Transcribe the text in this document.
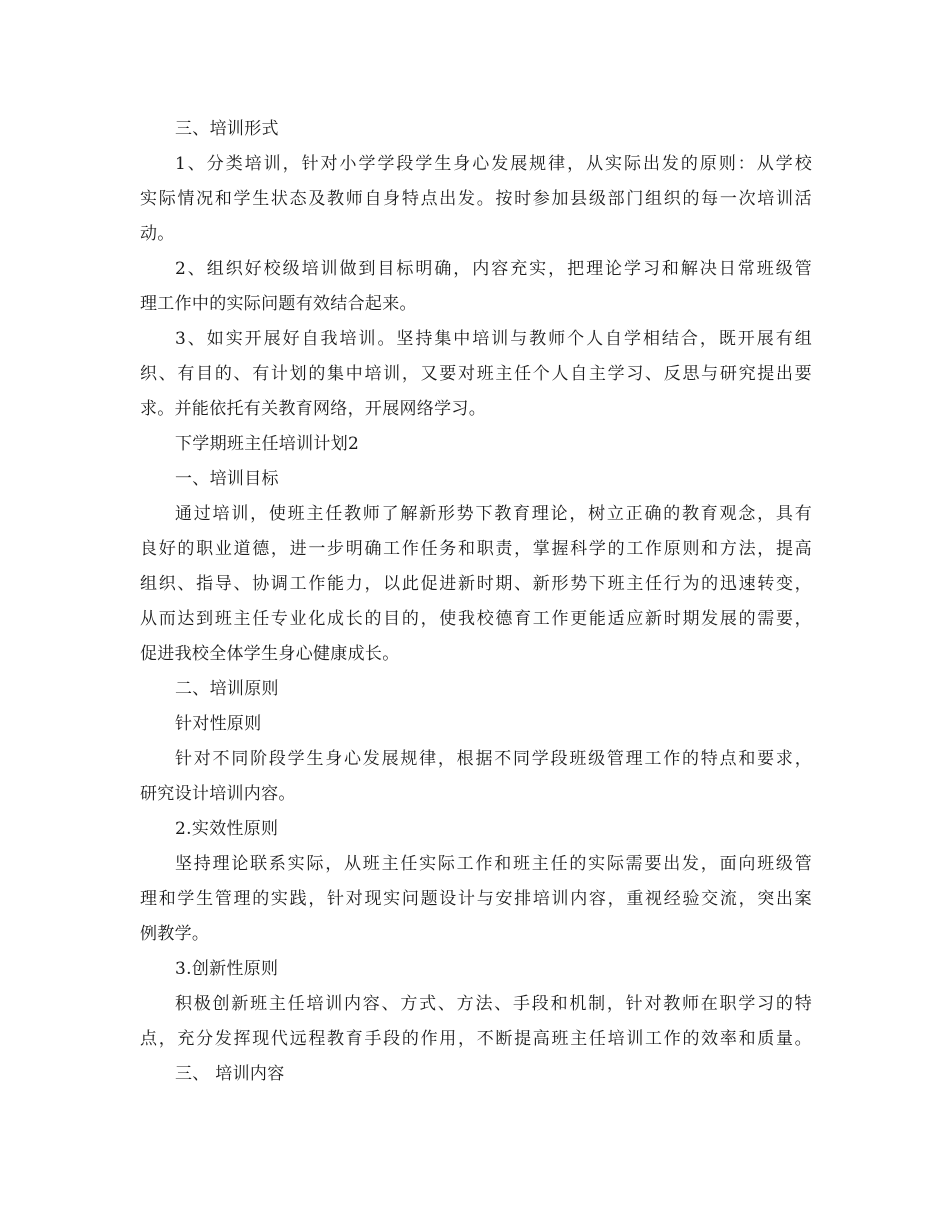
三、培训形式
1、分类培训，针对小学学段学生身心发展规律，从实际出发的原则：从学校
实际情况和学生状态及教师自身特点出发。按时参加县级部门组织的每一次培训活
动。
2、组织好校级培训做到目标明确，内容充实，把理论学习和解决日常班级管
理工作中的实际问题有效结合起来。
3、如实开展好自我培训。坚持集中培训与教师个人自学相结合，既开展有组
织、有目的、有计划的集中培训，又要对班主任个人自主学习、反思与研究提出要
求。并能依托有关教育网络，开展网络学习。
下学期班主任培训计划2
一、培训目标
通过培训，使班主任教师了解新形势下教育理论，树立正确的教育观念，具有
良好的职业道德，进一步明确工作任务和职责，掌握科学的工作原则和方法，提高
组织、指导、协调工作能力，以此促进新时期、新形势下班主任行为的迅速转变，
从而达到班主任专业化成长的目的，使我校德育工作更能适应新时期发展的需要，
促进我校全体学生身心健康成长。
二、培训原则
针对性原则
针对不同阶段学生身心发展规律，根据不同学段班级管理工作的特点和要求，
研究设计培训内容。
2.实效性原则
坚持理论联系实际，从班主任实际工作和班主任的实际需要出发，面向班级管
理和学生管理的实践，针对现实问题设计与安排培训内容，重视经验交流，突出案
例教学。
3.创新性原则
积极创新班主任培训内容、方式、方法、手段和机制，针对教师在职学习的特
点，充分发挥现代远程教育手段的作用，不断提高班主任培训工作的效率和质量。
三、 培训内容
